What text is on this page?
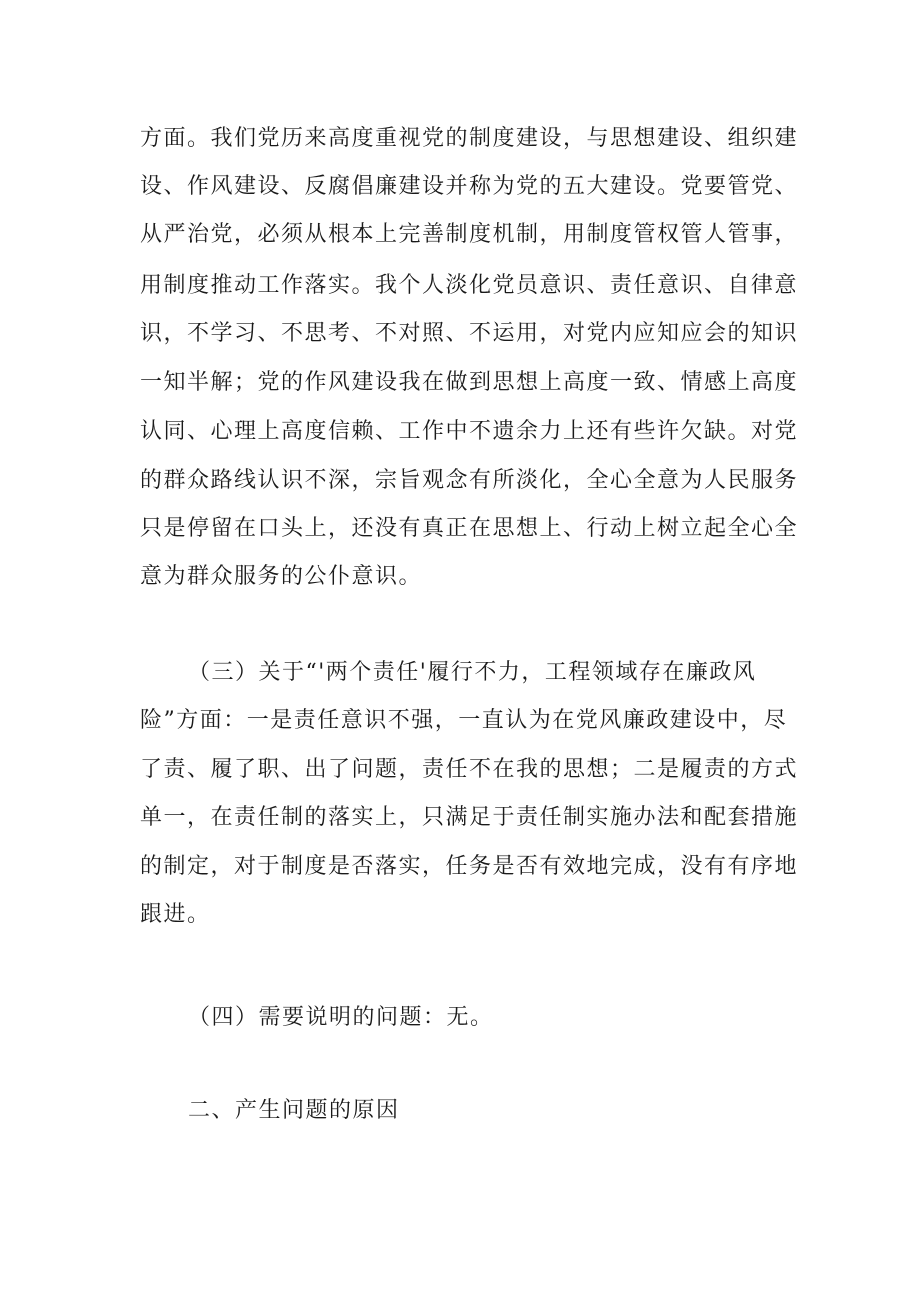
方面。我们党历来高度重视党的制度建设，与思想建设、组织建
设、作风建设、反腐倡廉建设并称为党的五大建设。党要管党、
从严治党，必须从根本上完善制度机制，用制度管权管人管事，
用制度推动工作落实。我个人淡化党员意识、责任意识、自律意
识，不学习、不思考、不对照、不运用，对党内应知应会的知识
一知半解；党的作风建设我在做到思想上高度一致、情感上高度
认同、心理上高度信赖、工作中不遗余力上还有些许欠缺。对党
的群众路线认识不深，宗旨观念有所淡化，全心全意为人民服务
只是停留在口头上，还没有真正在思想上、行动上树立起全心全
意为群众服务的公仆意识。
（三）关于“'两个责任'履行不力，工程领域存在廉政风
险”方面：一是责任意识不强，一直认为在党风廉政建设中，尽
了责、履了职、出了问题，责任不在我的思想；二是履责的方式
单一，在责任制的落实上，只满足于责任制实施办法和配套措施
的制定，对于制度是否落实，任务是否有效地完成，没有有序地
跟进。
（四）需要说明的问题：无。
二、产生问题的原因
